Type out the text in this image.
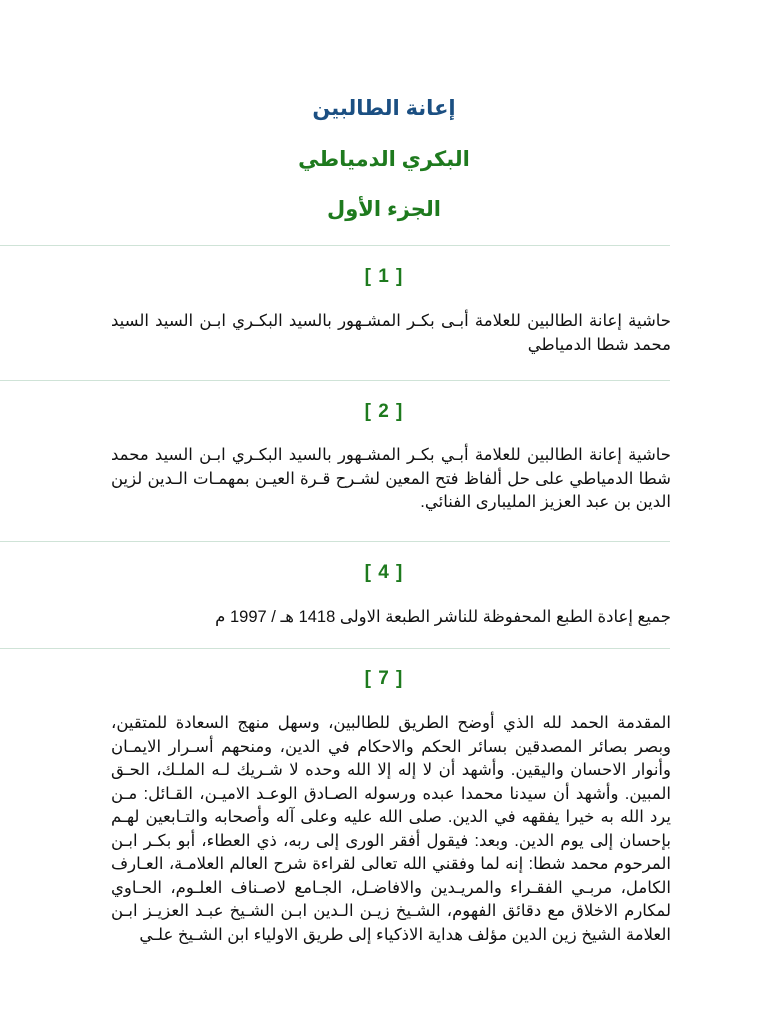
إعانة الطالبين
البكري الدمياطي
الجزء الأول
[ 1 ]
حاشية إعانة الطالبين للعلامة أبـى بكـر المشـهور بالسيد البكـري ابـن السيد السيد محمد شطا الدمياطي
[ 2 ]
حاشية إعانة الطالبين للعلامة أبـي بكـر المشـهور بالسيد البكـري ابـن السيد محمد شطا الدمياطي على حل ألفاظ فتح المعين لشـرح قـرة العيـن بمهمـات الـدين لزين الدين بن عبد العزيز المليبارى الفنائي.
[ 4 ]
جميع إعادة الطبع المحفوظة للناشر الطبعة الاولى 1418 هـ / 1997 م
[ 7 ]
المقدمة الحمد لله الذي أوضح الطريق للطالبين، وسهل منهج السعادة للمتقين، وبصر بصائر المصدقين بسائر الحكم والاحكام في الدين، ومنحهم أسـرار الايمـان وأنوار الاحسان واليقين. وأشهد أن لا إله إلا الله وحده لا شـريك لـه الملـك، الحـق المبين. وأشهد أن سيدنا محمدا عبده ورسوله الصـادق الوعـد الاميـن، القـائل: مـن يرد الله به خيرا يفقهه في الدين. صلى الله عليه وعلى آله وأصحابه والتـابعين لهـم بإحسان إلى يوم الدين. وبعد: فيقول أفقر الورى إلى ربه، ذي العطاء، أبو بكـر ابـن المرحوم محمد شطا: إنه لما وفقني الله تعالى لقراءة شرح العالم العلامـة، العـارف الكامل، مربـي الفقـراء والمريـدين والافاضـل، الجـامع لاصـناف العلـوم، الحـاوي لمكارم الاخلاق مع دقائق الفهوم، الشـيخ زيـن الـدين ابـن الشـيخ عبـد العزيـز ابـن العلامة الشيخ زين الدين مؤلف هداية الاذكياء إلى طريق الاولياء ابن الشـيخ علـي
